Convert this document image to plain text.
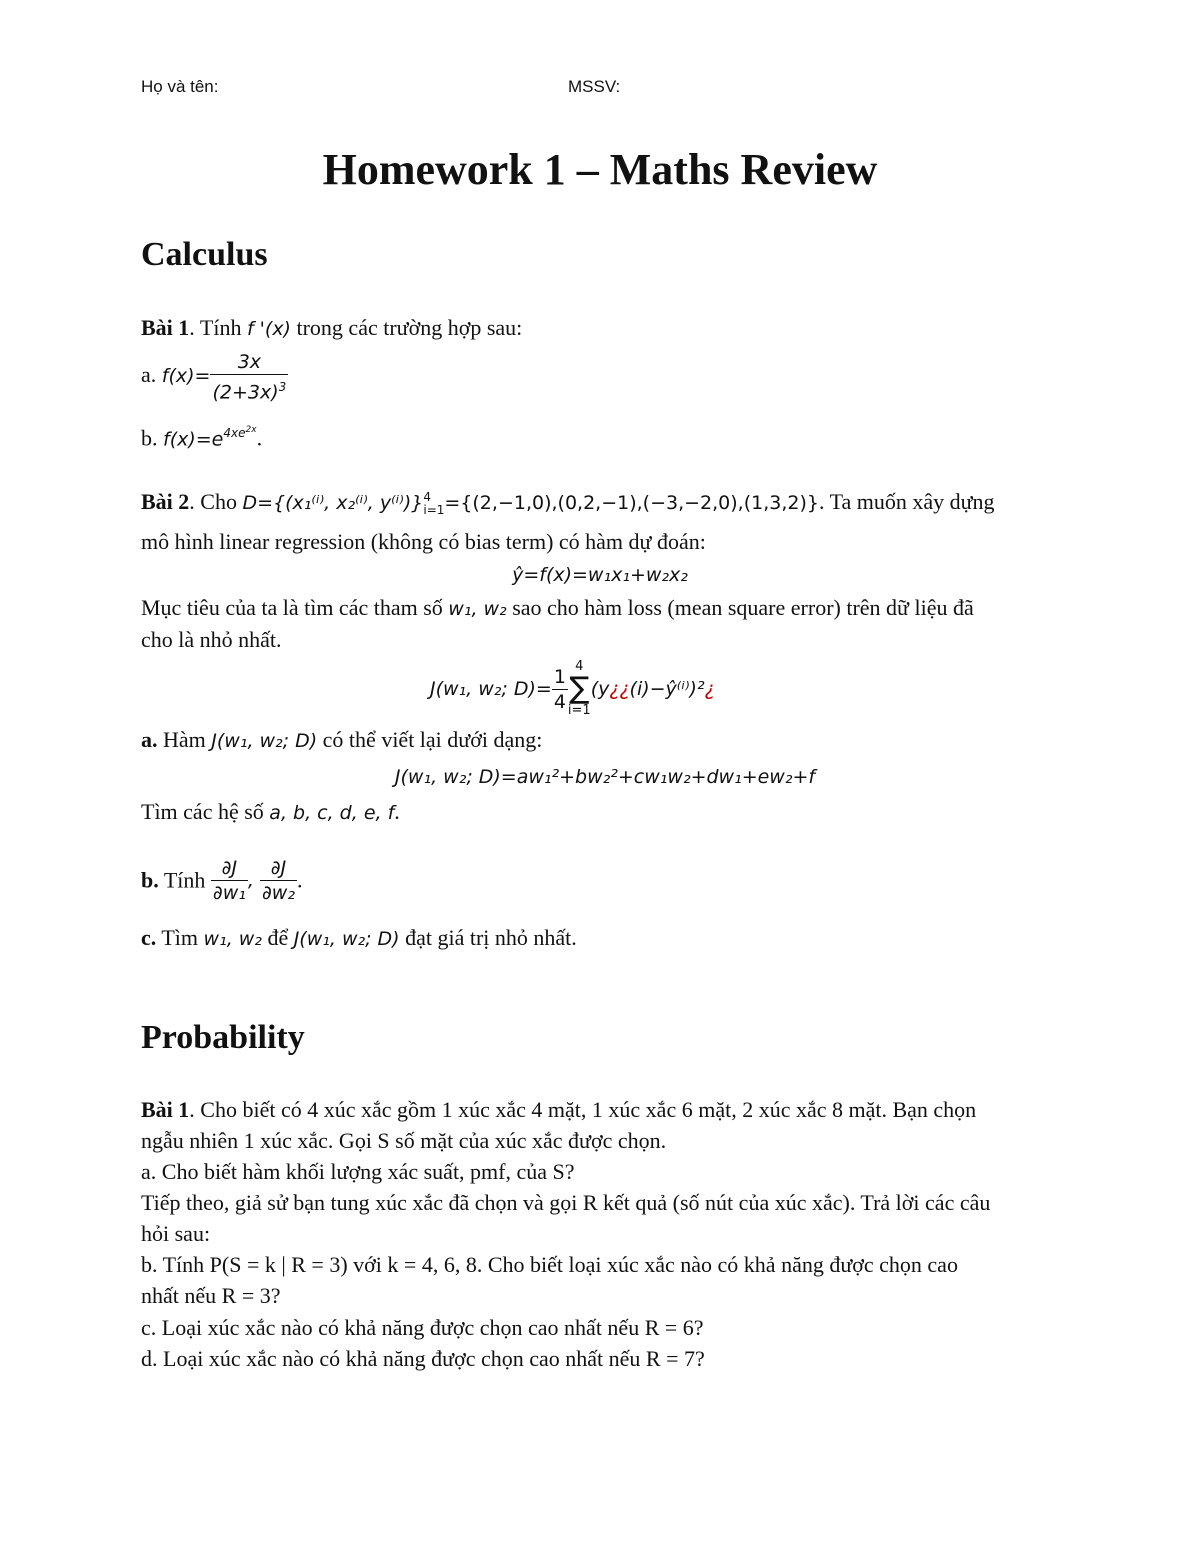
Họ và tên:	MSSV:
Homework 1 – Maths Review
Calculus
Bài 1. Tính f '(x) trong các trường hợp sau:
a. $f(x)= \frac{3x}{(2+3x)^3}$
b. $f(x)=e^{4xe^{2x}}$.
Bài 2. Cho D={(x₁⁽ⁱ⁾, x₂⁽ⁱ⁾, y⁽ⁱ⁾)} 4
i=1 ={(2,−1,0),(0,2,−1),(−3,−2,0),(1,3,2)}. Ta muốn xây dựng
mô hình linear regression (không có bias term) có hàm dự đoán:
ŷ=f(x)=w₁x₁+w₂x₂
Mục tiêu của ta là tìm các tham số w₁, w₂ sao cho hàm loss (mean square error) trên dữ liệu đã
cho là nhỏ nhất.
J(w₁, w₂; $D)= \frac{1}{4} 4$
∑
i=1
(y¿¿(i)−ŷ⁽ⁱ⁾)²¿
a. Hàm J(w₁, w₂; D) có thể viết lại dưới dạng:
J(w₁, w₂; D)=aw₁²+bw₂²+cw₁w₂+dw₁+ew₂+f
Tìm các hệ số a, b, c, d, e, f.
b. Tính $\frac{\partial J}{\text{∂w₁}}$ , $\frac{\partial J}{\text{∂w₂}}$ .
c. Tìm w₁, w₂ để J(w₁, w₂; D) đạt giá trị nhỏ nhất.
Probability
Bài 1. Cho biết có 4 xúc xắc gồm 1 xúc xắc 4 mặt, 1 xúc xắc 6 mặt, 2 xúc xắc 8 mặt. Bạn chọn
ngẫu nhiên 1 xúc xắc. Gọi S số mặt của xúc xắc được chọn.
a. Cho biết hàm khối lượng xác suất, pmf, của S?
Tiếp theo, giả sử bạn tung xúc xắc đã chọn và gọi R kết quả (số nút của xúc xắc). Trả lời các câu
hỏi sau:
b. Tính P(S = k | R = 3) với k = 4, 6, 8. Cho biết loại xúc xắc nào có khả năng được chọn cao
nhất nếu R = 3?
c. Loại xúc xắc nào có khả năng được chọn cao nhất nếu R = 6?
d. Loại xúc xắc nào có khả năng được chọn cao nhất nếu R = 7?
